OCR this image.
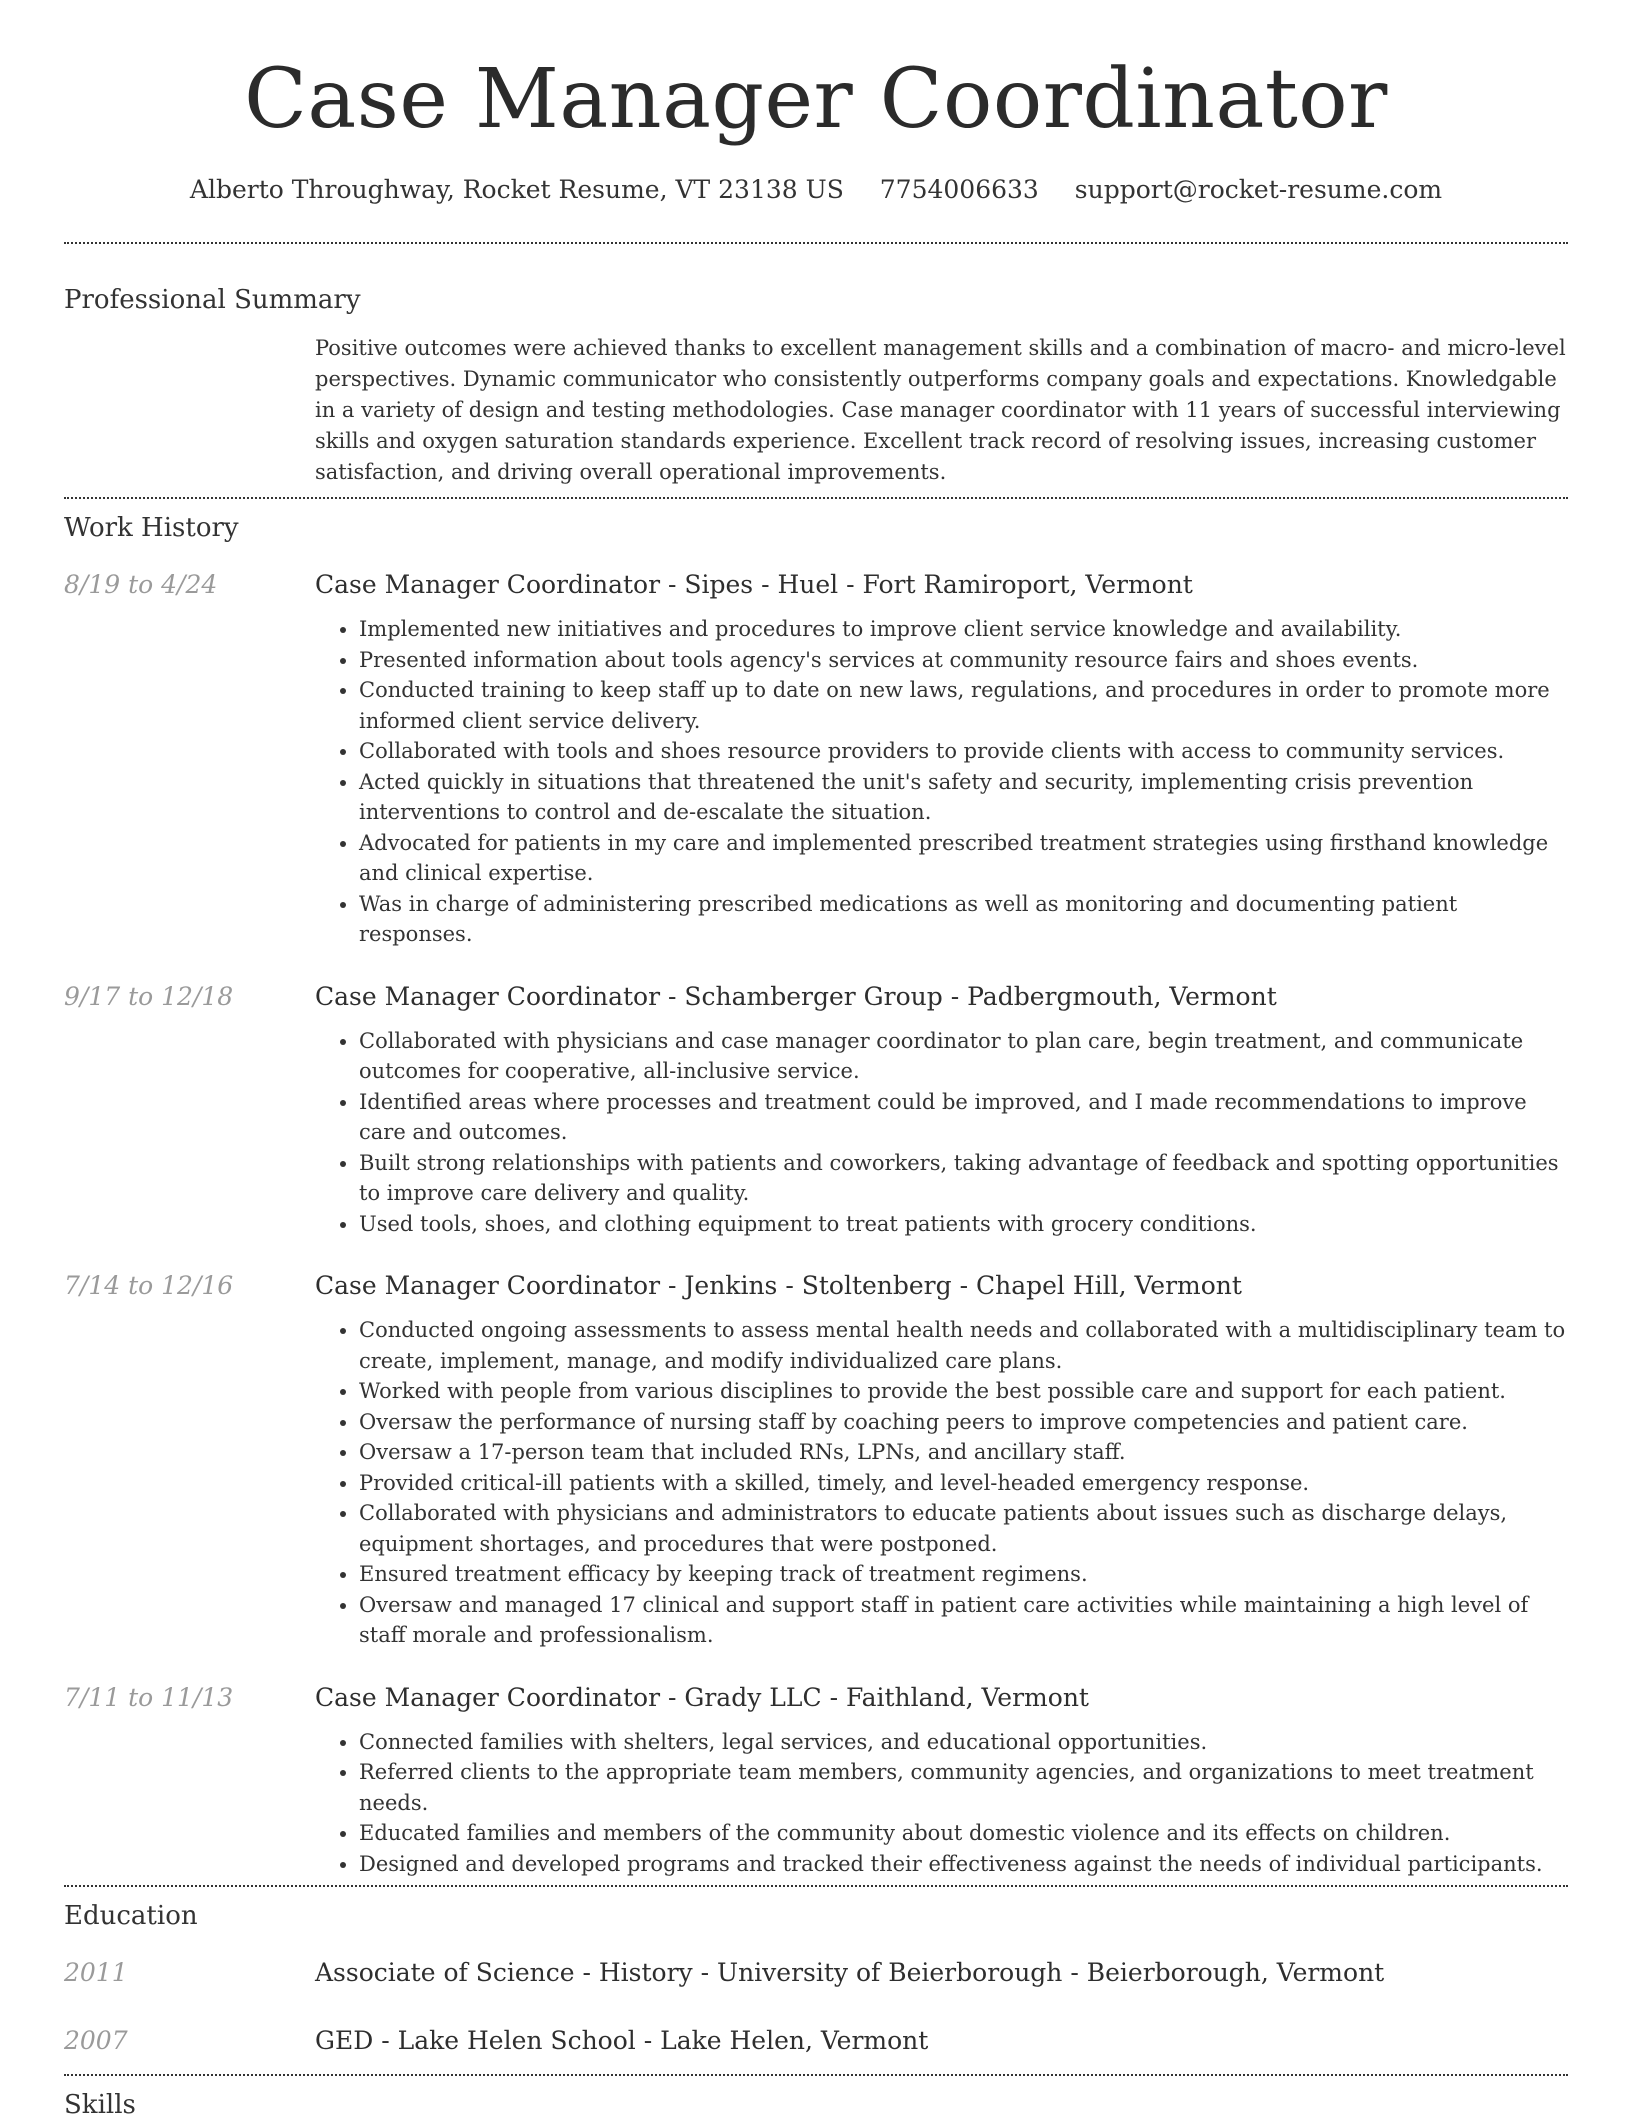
Case Manager Coordinator
Alberto Throughway, Rocket Resume, VT 23138 US 7754006633 support@rocket-resume.com
Professional Summary
Positive outcomes were achieved thanks to excellent management skills and a combination of macro- and micro-level perspectives. Dynamic communicator who consistently outperforms company goals and expectations. Knowledgable in a variety of design and testing methodologies. Case manager coordinator with 11 years of successful interviewing skills and oxygen saturation standards experience. Excellent track record of resolving issues, increasing customer satisfaction, and driving overall operational improvements.
Work History
8/19 to 4/24	Case Manager Coordinator - Sipes - Huel - Fort Ramiroport, Vermont
• Implemented new initiatives and procedures to improve client service knowledge and availability.
• Presented information about tools agency's services at community resource fairs and shoes events.
• Conducted training to keep staff up to date on new laws, regulations, and procedures in order to promote more informed client service delivery.
• Collaborated with tools and shoes resource providers to provide clients with access to community services.
• Acted quickly in situations that threatened the unit's safety and security, implementing crisis prevention interventions to control and de-escalate the situation.
• Advocated for patients in my care and implemented prescribed treatment strategies using firsthand knowledge and clinical expertise.
• Was in charge of administering prescribed medications as well as monitoring and documenting patient responses.
9/17 to 12/18	Case Manager Coordinator - Schamberger Group - Padbergmouth, Vermont
• Collaborated with physicians and case manager coordinator to plan care, begin treatment, and communicate outcomes for cooperative, all-inclusive service.
• Identified areas where processes and treatment could be improved, and I made recommendations to improve care and outcomes.
• Built strong relationships with patients and coworkers, taking advantage of feedback and spotting opportunities to improve care delivery and quality.
• Used tools, shoes, and clothing equipment to treat patients with grocery conditions.
7/14 to 12/16	Case Manager Coordinator - Jenkins - Stoltenberg - Chapel Hill, Vermont
• Conducted ongoing assessments to assess mental health needs and collaborated with a multidisciplinary team to create, implement, manage, and modify individualized care plans.
• Worked with people from various disciplines to provide the best possible care and support for each patient.
• Oversaw the performance of nursing staff by coaching peers to improve competencies and patient care.
• Oversaw a 17-person team that included RNs, LPNs, and ancillary staff.
• Provided critical-ill patients with a skilled, timely, and level-headed emergency response.
• Collaborated with physicians and administrators to educate patients about issues such as discharge delays, equipment shortages, and procedures that were postponed.
• Ensured treatment efficacy by keeping track of treatment regimens.
• Oversaw and managed 17 clinical and support staff in patient care activities while maintaining a high level of staff morale and professionalism.
7/11 to 11/13	Case Manager Coordinator - Grady LLC - Faithland, Vermont
• Connected families with shelters, legal services, and educational opportunities.
• Referred clients to the appropriate team members, community agencies, and organizations to meet treatment needs.
• Educated families and members of the community about domestic violence and its effects on children.
• Designed and developed programs and tracked their effectiveness against the needs of individual participants.
Education
2011	Associate of Science - History - University of Beierborough - Beierborough, Vermont
2007	GED - Lake Helen School - Lake Helen, Vermont
Skills
